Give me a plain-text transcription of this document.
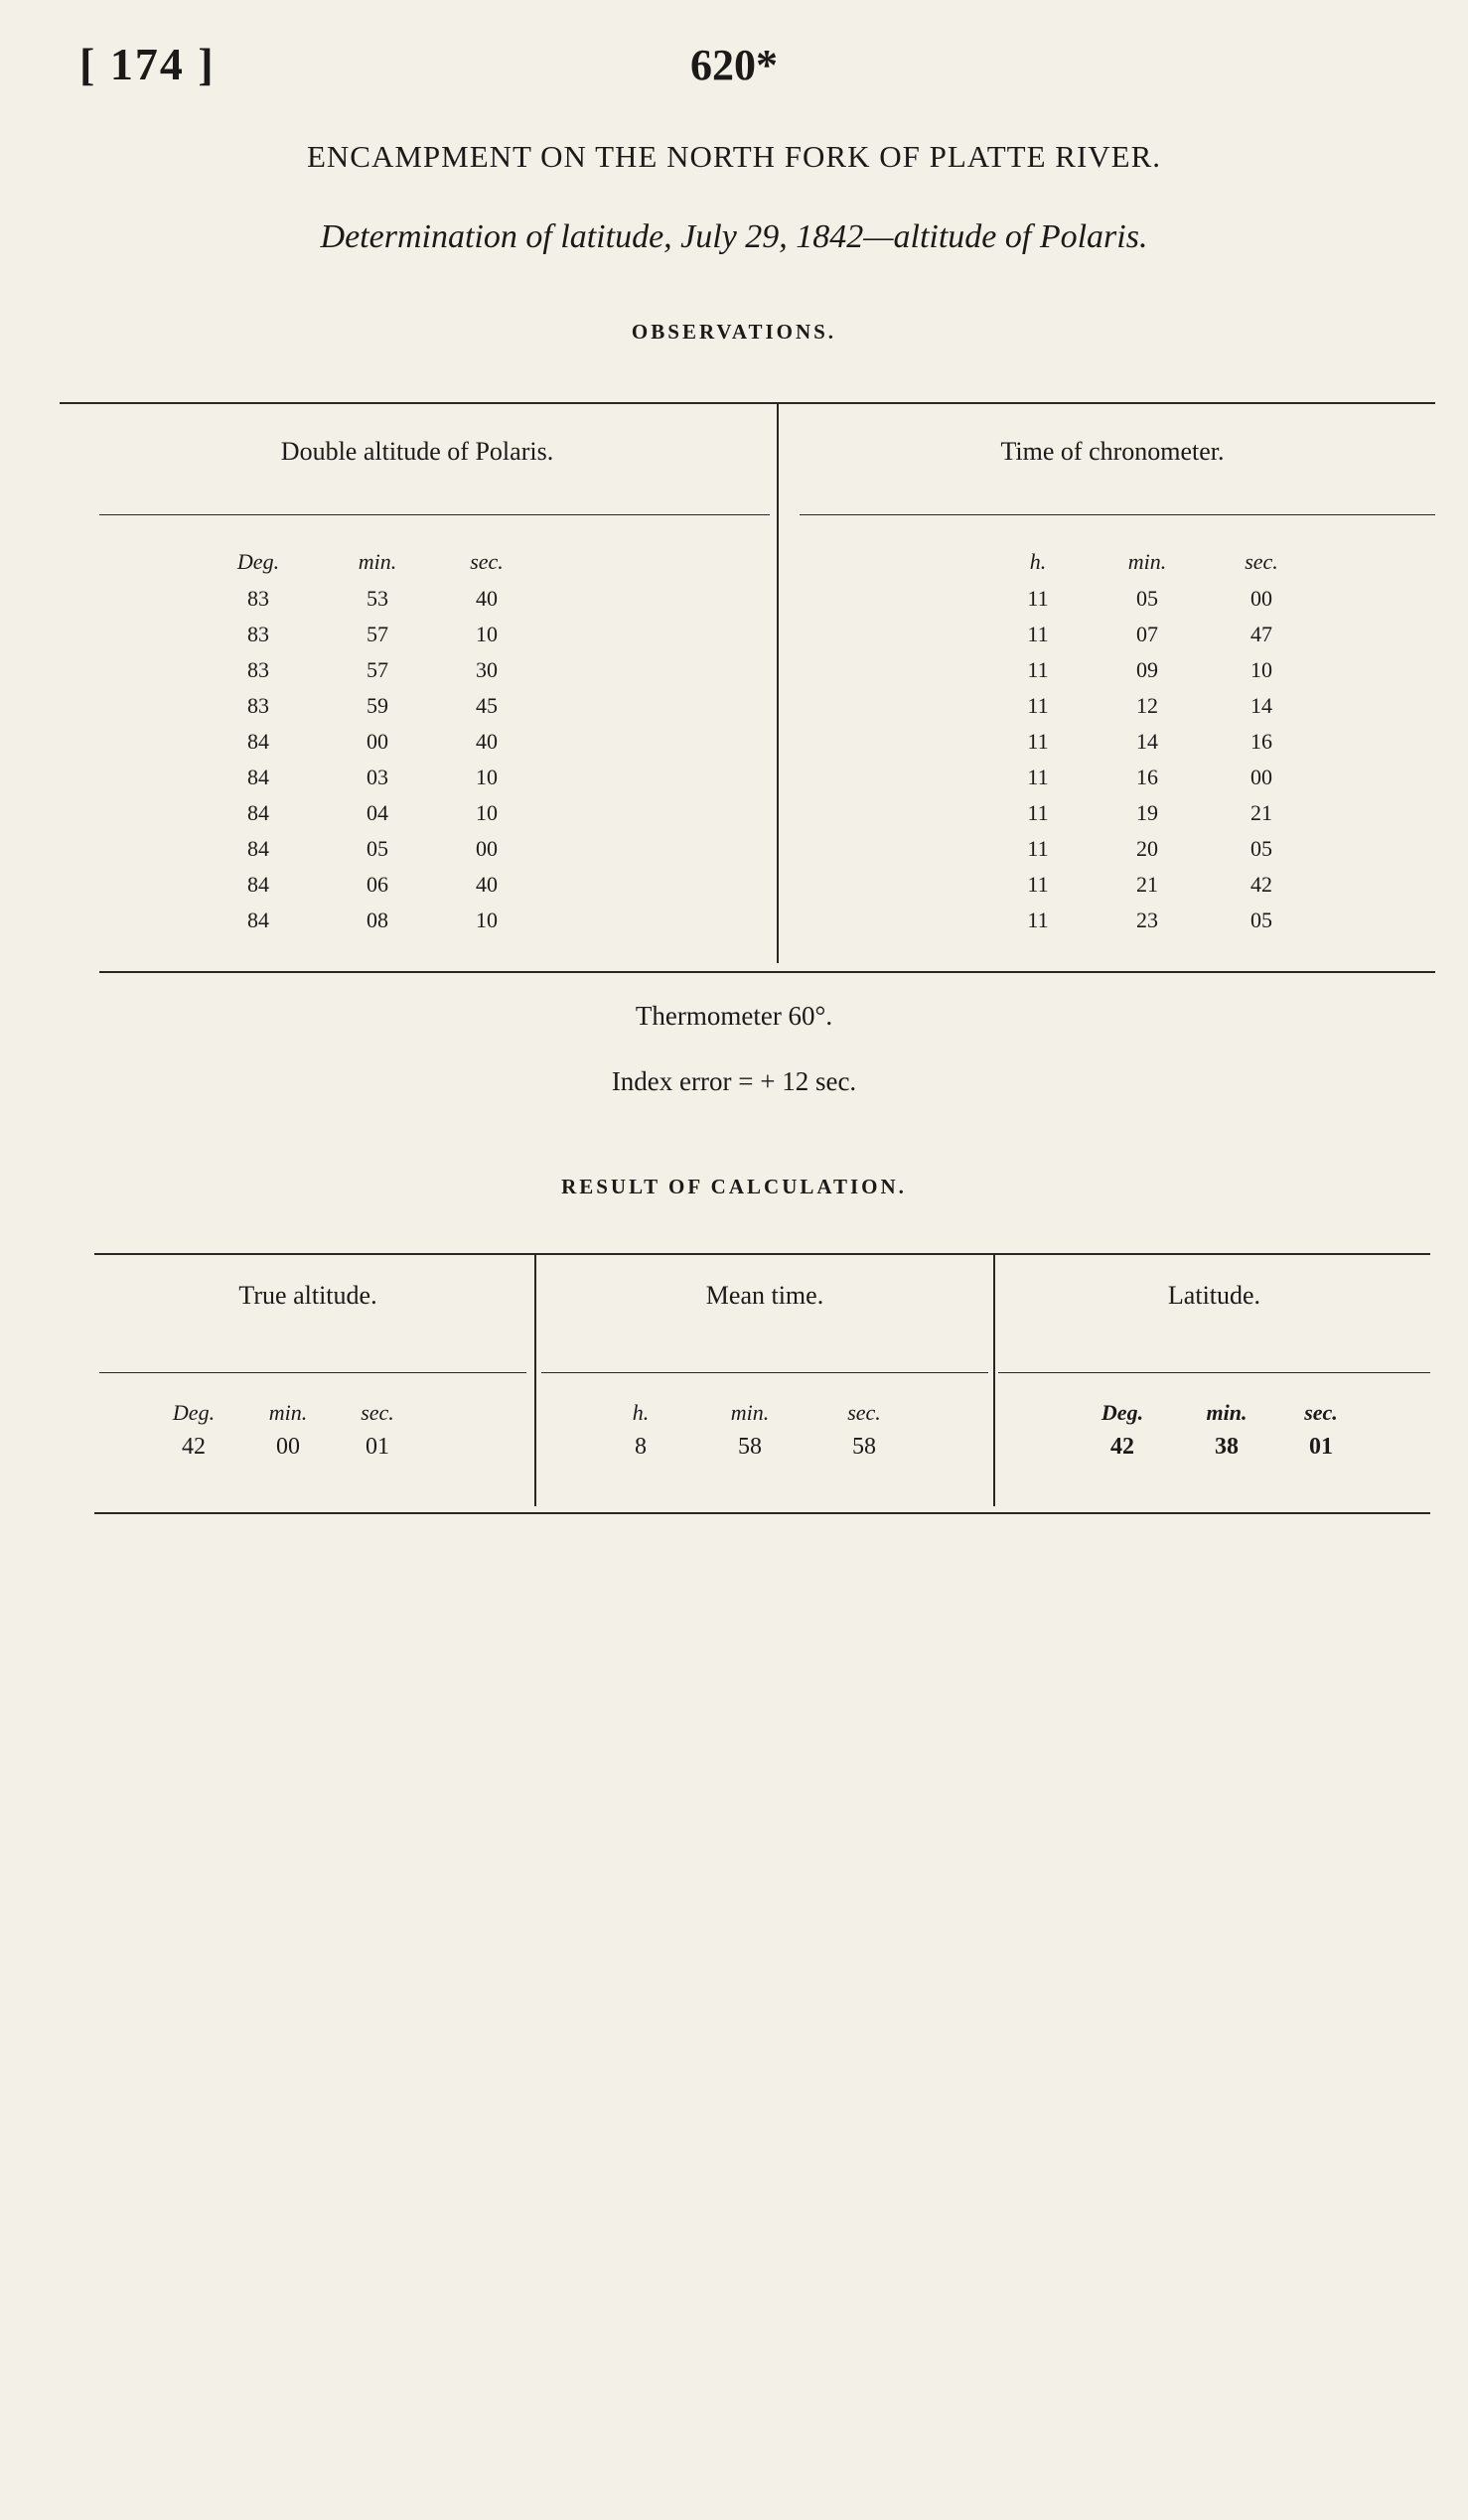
[ 174 ]	620*
ENCAMPMENT ON THE NORTH FORK OF PLATTE RIVER.
Determination of latitude, July 29, 1842—altitude of Polaris.
OBSERVATIONS.
Double altitude of Polaris.	Time of chronometer.
Deg.	min.	sec.	h.	min.	sec.
83	53	40	11	05	00
83	57	10	11	07	47
83	57	30	11	09	10
83	59	45	11	12	14
84	00	40	11	14	16
84	03	10	11	16	00
84	04	10	11	19	21
84	05	00	11	20	05
84	06	40	11	21	42
84	08	10	11	23	05
Thermometer 60°.
Index error = + 12 sec.
RESULT OF CALCULATION.
True altitude.	Mean time.	Latitude.
Deg.	min.	sec.
42	00	01
h.	min.	sec.
8	58	58
Deg.	min.	sec.
42	38	01
